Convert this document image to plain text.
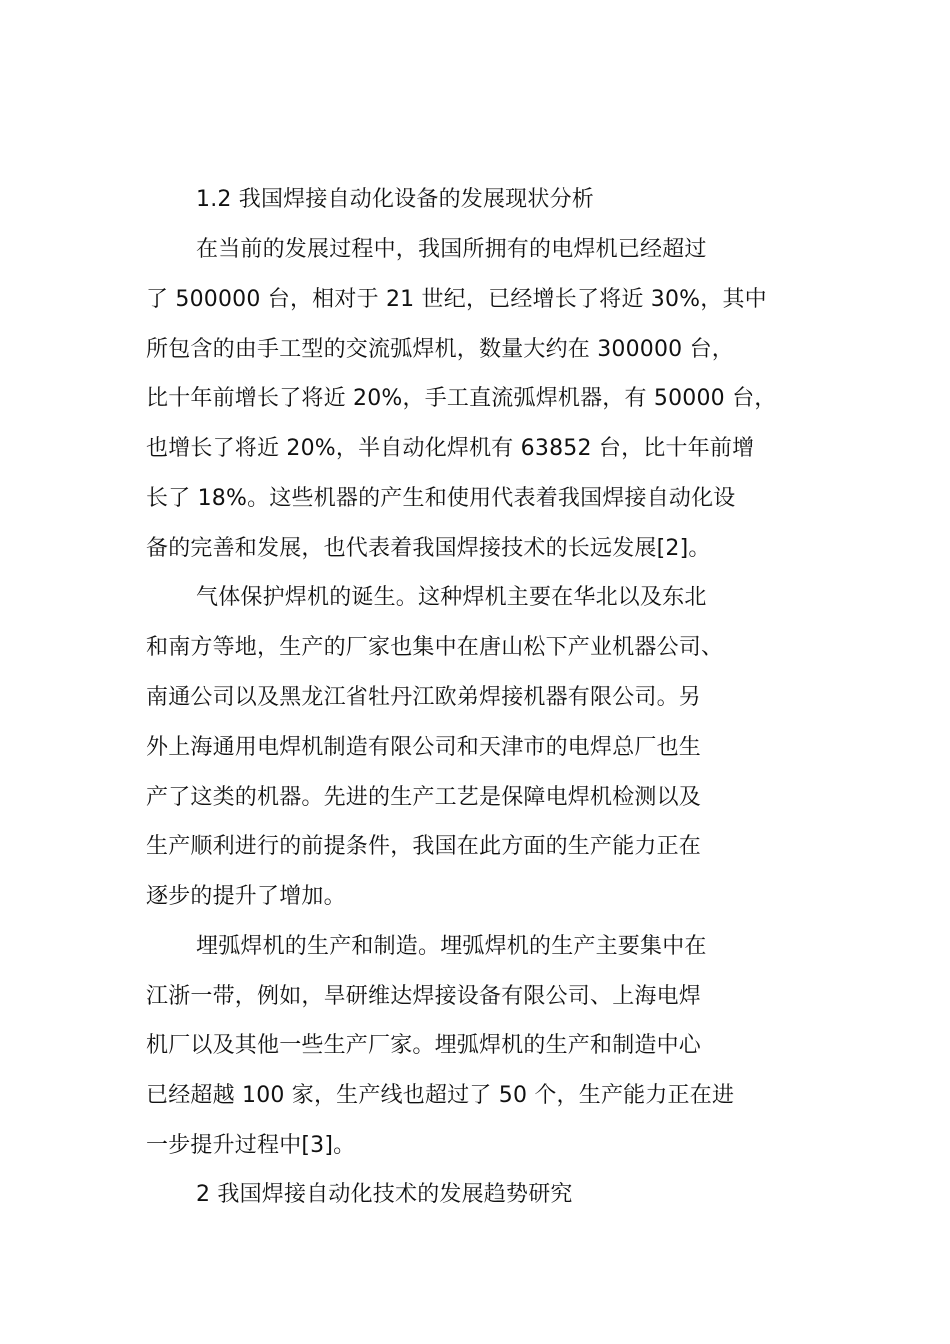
1.2 我国焊接自动化设备的发展现状分析
在当前的发展过程中，我国所拥有的电焊机已经超过
了 500000 台，相对于 21 世纪，已经增长了将近 30%，其中
所包含的由手工型的交流弧焊机，数量大约在 300000 台，
比十年前增长了将近 20%，手工直流弧焊机器，有 50000 台，
也增长了将近 20%，半自动化焊机有 63852 台，比十年前增
长了 18%。这些机器的产生和使用代表着我国焊接自动化设
备的完善和发展，也代表着我国焊接技术的长远发展[2]。
气体保护焊机的诞生。这种焊机主要在华北以及东北
和南方等地，生产的厂家也集中在唐山松下产业机器公司、
南通公司以及黑龙江省牡丹江欧弟焊接机器有限公司。另
外上海通用电焊机制造有限公司和天津市的电焊总厂也生
产了这类的机器。先进的生产工艺是保障电焊机检测以及
生产顺利进行的前提条件，我国在此方面的生产能力正在
逐步的提升了增加。
埋弧焊机的生产和制造。埋弧焊机的生产主要集中在
江浙一带，例如，旱研维达焊接设备有限公司、上海电焊
机厂以及其他一些生产厂家。埋弧焊机的生产和制造中心
已经超越 100 家，生产线也超过了 50 个，生产能力正在进
一步提升过程中[3]。
2 我国焊接自动化技术的发展趋势研究
